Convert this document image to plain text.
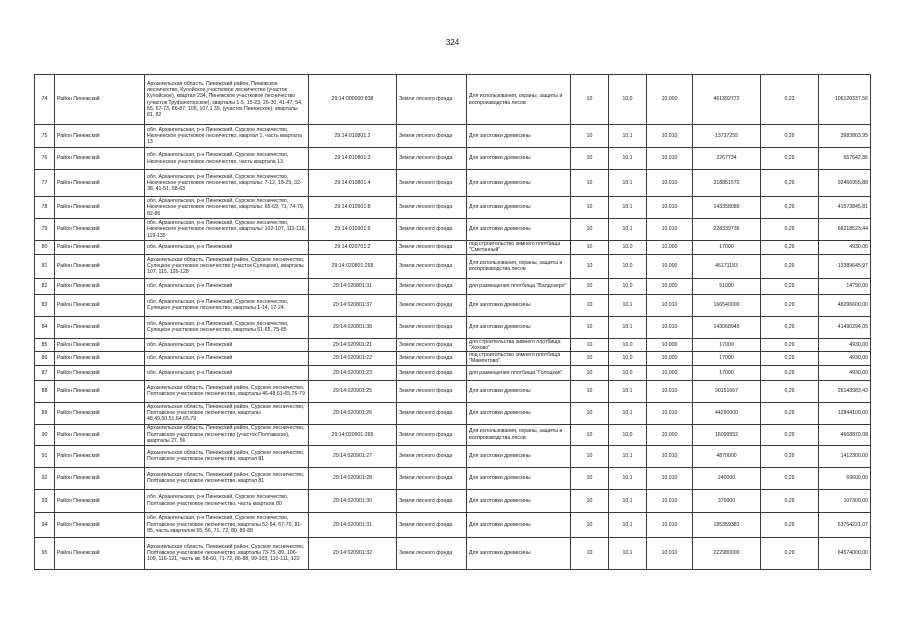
324
74	Район Пинежский	Архангельская область, Пинежский район, Пинежское лесничество, Кулойское участковое лесничество (участок Кулойское), квартал 234, Пинежское участковое лесничество (участок Труфаногорское), кварталы 1-5, 15-23, 26-30, 41-47, 54, 55, 67-73, 86-87, 105, 107,1 39, (участок Пинежское), кварталы 81, 82	29:14:000000:838	Земли лесного фонда	Для использования, охраны, защиты и воспроизводства лесов	10	10.0	10.000	461392772	0,23	106120337,56
75	Район Пинежский	обл. Архангельская, р-н Пинежский, Сурское лесничество, Нюхченское участковое лесничество, квартал 1, часть квартала 13	29:14:010801:2	Земли лесного фонда	Для заготовки древесины	10	10.1	10.010	13737255	0,29	3983803,95
76	Район Пинежский	обл. Архангельская, р-н Пинежский, Сурское лесничество, Нюхченское участковое лесничество, часть квартала 13	29:14:010801:3	Земли лесного фонда	Для заготовки древесины	10	10.1	10.010	2267734	0,29	657642,86
77	Район Пинежский	обл. Архангельская, р-н Пинежский, Сурское лесничество, Нюхченское участковое лесничество, кварталы: 7-12, 18-25, 32-38, 41-51, 58-63	29:14:010801:4	Земли лесного фонда	Для заготовки древесины	10	10.1	10.010	318851572	0,29	92466955,88
78	Район Пинежский	обл. Архангельская, р-н Пинежский, Сурское лесничество, Нюхченское участковое лесничество, кварталы: 65-69, 71, 74-79, 82-86	29:14:010901:8	Земли лесного фонда	Для заготовки древесины	10	10.1	10.010	143358089	0,29	41573845,81
79	Район Пинежский	обл. Архангельская, р-н Пинежский, Сурское лесничество, Нюхченское участковое лесничество, кварталы: 102-107, 111-116, 119-135	29:14:010901:9	Земли лесного фонда	Для заготовки древесины	10	10.1	10.010	228339736	0,29	66218523,44
80	Район Пинежский	обл. Архангельская, р-н Пинежский	29:14:020701:2	Земли лесного фонда	под строительство зимнего плотбища "Сметанный"	10	10.0	10.000	17000	0,29	4930,00
81	Район Пинежский	Архангельская область, Пинежский район, Сурское лесничество, Сулецкое участковое лесничество (участок Сулецкое), кварталы 107, 115, 126-128	29:14:020801:268	Земли лесного фонда	Для использования, охраны, защиты и воспроизводства лесов	10	10.0	10.000	46171183	0,29	13389645,97
82	Район Пинежский	обл. Архангельская, р-н Пинежский	29:14:020801:31	Земли лесного фонда	для размещения плотбища "Валдозеро"	10	10.0	10.000	51000	0,29	14790,00
83	Район Пинежский	обл. Архангельская, р-н Пинежский, Сурское лесничество, Сулецкое участковое лесничество, кварталы 1-14, 17-24	29:14:020801:37	Земли лесного фонда	Для заготовки древесины	10	10.1	10.010	166540000	0,29	48296600,00
84	Район Пинежский	обл. Архангельская, р-н Пинежский, Сурское лесничество, Сулецкое участковое лесничество, кварталы 61-65, 75-85	29:14:020801:38	Земли лесного фонда	Для заготовки древесины	10	10.1	10.010	143068945	0,29	41490294,05
85	Район Пинежский	обл. Архангельская, р-н Пинежский	29:14:020901:21	Земли лесного фонда	для строительства зимнего плотбища "Хохово"	10	10.0	10.000	17000	0,29	4930,00
86	Район Пинежский	обл. Архангельская, р-н Пинежский	29:14:020901:22	Земли лесного фонда	под строительство зимнего плотбища "Мамонтово"	10	10.0	10.000	17000	0,29	4930,00
87	Район Пинежский	обл. Архангельская, р-н Пинежский	29:14:020901:23	Земли лесного фонда	для размещения плотбища "Голоцкая"	10	10.0	10.000	17000	0,29	4930,00
88	Район Пинежский	Архангельская область, Пинежский район, Сурское лесничество, Полтавское участковое лесничество, кварталы 46-48,61-65,76-79	29:14:020901:25	Земли лесного фонда	Для заготовки древесины	10	10.1	10.010	90151667	0,29	26143983,43
89	Район Пинежский	Архангельская область, Пинежский район, Сурское лесничество, Полтавское участковое лесничество, кварталы 48,49,50,51,64,65,79	29:14:020901:26	Земли лесного фонда	Для заготовки древесины	10	10.1	10.010	44290000	0,29	12844100,00
90	Район Пинежский	Архангельская область, Пинежский район, Сурское лесничество, Полтавское участковое лесничество (участок Полтавское), кварталы 27, 56	29:14:020901:265	Земли лесного фонда	Для использования, охраны, защиты и воспроизводства лесов	10	10.0	10.000	16099552	0,29	4668870,08
91	Район Пинежский	Архангельская область, Пинежский район, Сурское лесничество, Полтавское участковое лесничество, квартал 81	29:14:020901:27	Земли лесного фонда	Для заготовки древесины	10	10.1	10.010	4870000	0,29	1412300,00
92	Район Пинежский	Архангельская область, Пинежский район, Сурское лесничество, Полтавское участковое лесничество, квартал 81	29:14:020901:28	Земли лесного фонда	Для заготовки древесины	10	10.1	10.010	240000	0,29	69600,00
93	Район Пинежский	обл. Архангельская, р-н Пинежский, Сурское лесничество, Полтавское участковое лесничество, часть квартала 80	29:14:020901:30	Земли лесного фонда	Для заготовки древесины	10	10.1	10.010	370000	0,29	107300,00
94	Район Пинежский	обл. Архангельская, р-н Пинежский, Сурское лесничество, Полтавское участковое лесничество, кварталы 52-54, 67-70, 81-85, часть кварталов 55, 56, 71, 72, 80, 86-88	29:14:020901:31	Земли лесного фонда	Для заготовки древесины	10	10.1	10.010	185359383	0,29	53754221,07
95	Район Пинежский	Архангельская область, Пинежский район, Сурское лесничество, Полтавское участковое лесничество, кварталы 73-75, 89, 106-109, 116-121, часть кв. 58-60, 71-72, 86-88, 99-103, 110-111, 122	29:14:020901:32	Земли лесного фонда	Для заготовки древесины	10	10.1	10.010	222980000	0,29	64574000,00
